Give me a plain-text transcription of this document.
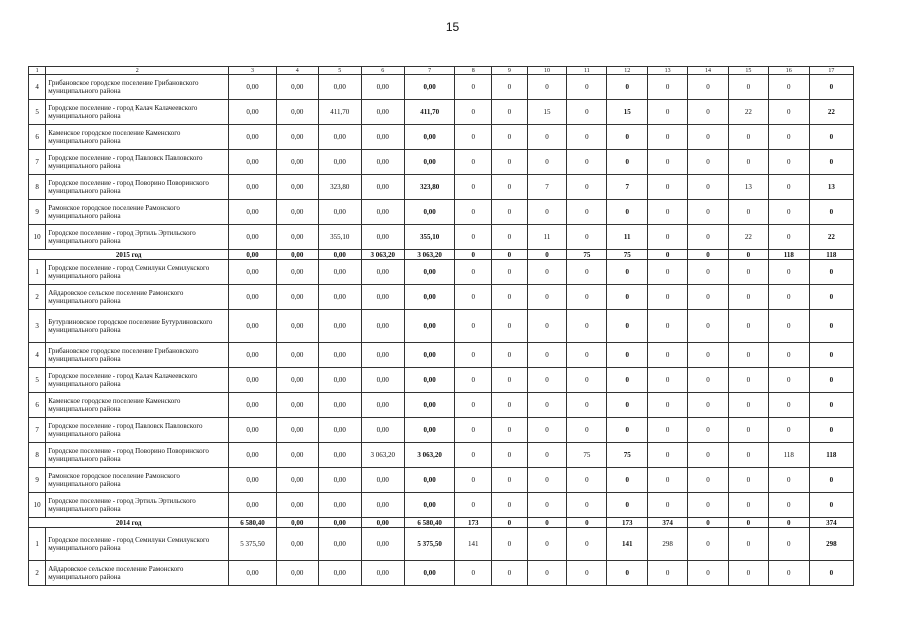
15
1	2	3	4	5	6	7	8	9	10	11	12	13	14	15	16	17
4	Грибановское городское поселение Грибановского муниципального района	0,00	0,00	0,00	0,00	0,00	0	0	0	0	0	0	0	0	0	0
5	Городское поселение - город Калач Калачеевского муниципального района	0,00	0,00	411,70	0,00	411,70	0	0	15	0	15	0	0	22	0	22
6	Каменское городское поселение Каменского муниципального района	0,00	0,00	0,00	0,00	0,00	0	0	0	0	0	0	0	0	0	0
7	Городское поселение - город Павловск Павловского муниципального района	0,00	0,00	0,00	0,00	0,00	0	0	0	0	0	0	0	0	0	0
8	Городское поселение - город Поворино Поворинского муниципального района	0,00	0,00	323,80	0,00	323,80	0	0	7	0	7	0	0	13	0	13
9	Рамонское городское поселение Рамонского муниципального района	0,00	0,00	0,00	0,00	0,00	0	0	0	0	0	0	0	0	0	0
10	Городское поселение - город Эртиль Эртильского муниципального района	0,00	0,00	355,10	0,00	355,10	0	0	11	0	11	0	0	22	0	22
2015 год		0,00	0,00	0,00	3 063,20	3 063,20	0	0	0	75	75	0	0	0	118	118
1	Городское поселение - город Семилуки Семилукского муниципального района	0,00	0,00	0,00	0,00	0,00	0	0	0	0	0	0	0	0	0	0
2	Айдаровское сельское поселение Рамонского муниципального района	0,00	0,00	0,00	0,00	0,00	0	0	0	0	0	0	0	0	0	0
3	Бутурлиновское городское поселение Бутурлиновского муниципального района	0,00	0,00	0,00	0,00	0,00	0	0	0	0	0	0	0	0	0	0
4	Грибановское городское поселение Грибановского муниципального района	0,00	0,00	0,00	0,00	0,00	0	0	0	0	0	0	0	0	0	0
5	Городское поселение - город Калач Калачеевского муниципального района	0,00	0,00	0,00	0,00	0,00	0	0	0	0	0	0	0	0	0	0
6	Каменское городское поселение Каменского муниципального района	0,00	0,00	0,00	0,00	0,00	0	0	0	0	0	0	0	0	0	0
7	Городское поселение - город Павловск Павловского муниципального района	0,00	0,00	0,00	0,00	0,00	0	0	0	0	0	0	0	0	0	0
8	Городское поселение - город Поворино Поворинского муниципального района	0,00	0,00	0,00	3 063,20	3 063,20	0	0	0	75	75	0	0	0	118	118
9	Рамонское городское поселение Рамонского муниципального района	0,00	0,00	0,00	0,00	0,00	0	0	0	0	0	0	0	0	0	0
10	Городское поселение - город Эртиль Эртильского муниципального района	0,00	0,00	0,00	0,00	0,00	0	0	0	0	0	0	0	0	0	0
2014 год		6 580,40	0,00	0,00	0,00	6 580,40	173	0	0	0	173	374	0	0	0	374
1	Городское поселение - город Семилуки Семилукского муниципального района	5 375,50	0,00	0,00	0,00	5 375,50	141	0	0	0	141	298	0	0	0	298
2	Айдаровское сельское поселение Рамонского муниципального района	0,00	0,00	0,00	0,00	0,00	0	0	0	0	0	0	0	0	0	0
